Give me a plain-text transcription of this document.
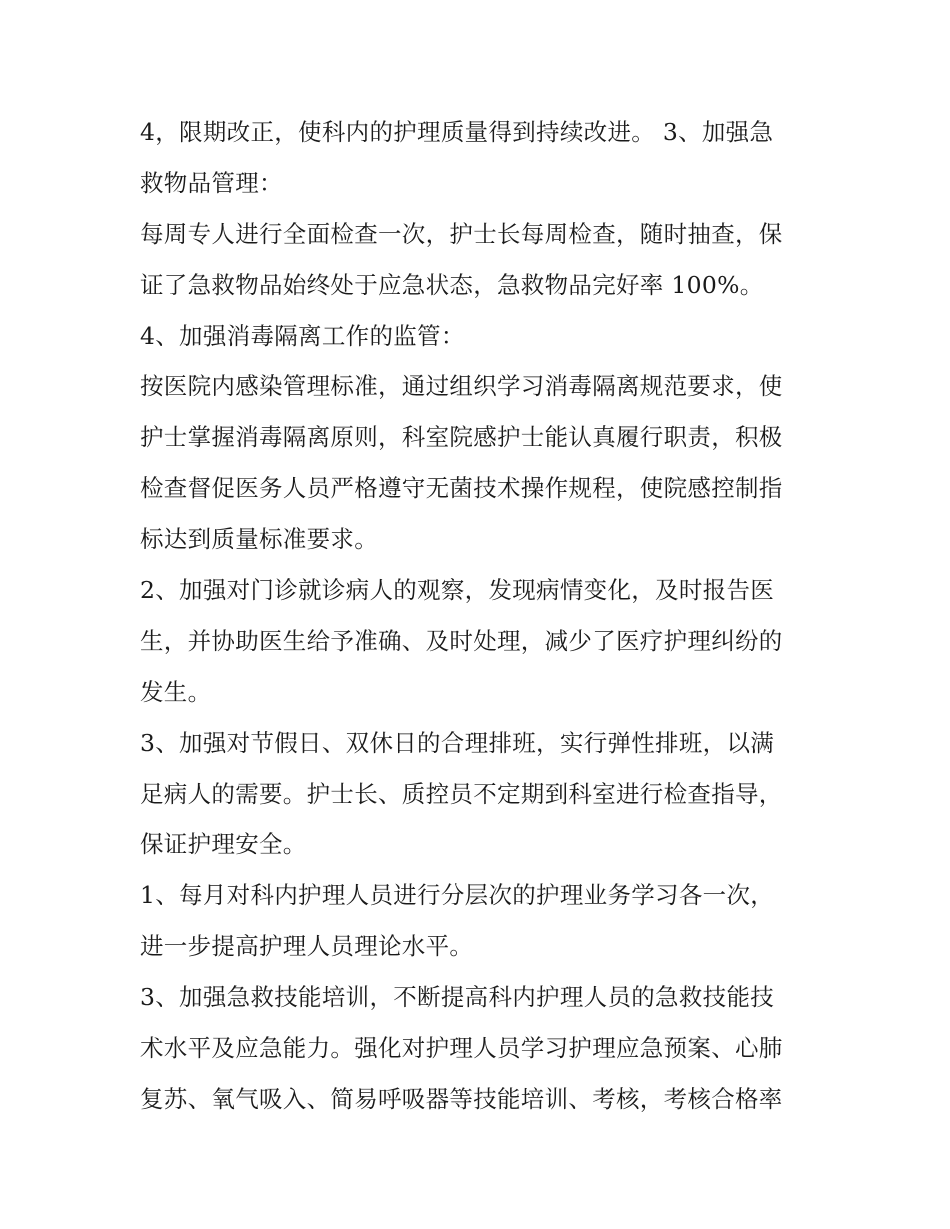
4，限期改正，使科内的护理质量得到持续改进。 3、加强急
救物品管理：
每周专人进行全面检查一次，护士长每周检查，随时抽查，保
证了急救物品始终处于应急状态，急救物品完好率 100%。
4、加强消毒隔离工作的监管：
按医院内感染管理标准，通过组织学习消毒隔离规范要求，使
护士掌握消毒隔离原则，科室院感护士能认真履行职责，积极
检查督促医务人员严格遵守无菌技术操作规程，使院感控制指
标达到质量标准要求。
2、加强对门诊就诊病人的观察，发现病情变化，及时报告医
生，并协助医生给予准确、及时处理，减少了医疗护理纠纷的
发生。
3、加强对节假日、双休日的合理排班，实行弹性排班，以满
足病人的需要。护士长、质控员不定期到科室进行检查指导，
保证护理安全。
1、每月对科内护理人员进行分层次的护理业务学习各一次，
进一步提高护理人员理论水平。
3、加强急救技能培训，不断提高科内护理人员的急救技能技
术水平及应急能力。强化对护理人员学习护理应急预案、心肺
复苏、氧气吸入、简易呼吸器等技能培训、考核，考核合格率
